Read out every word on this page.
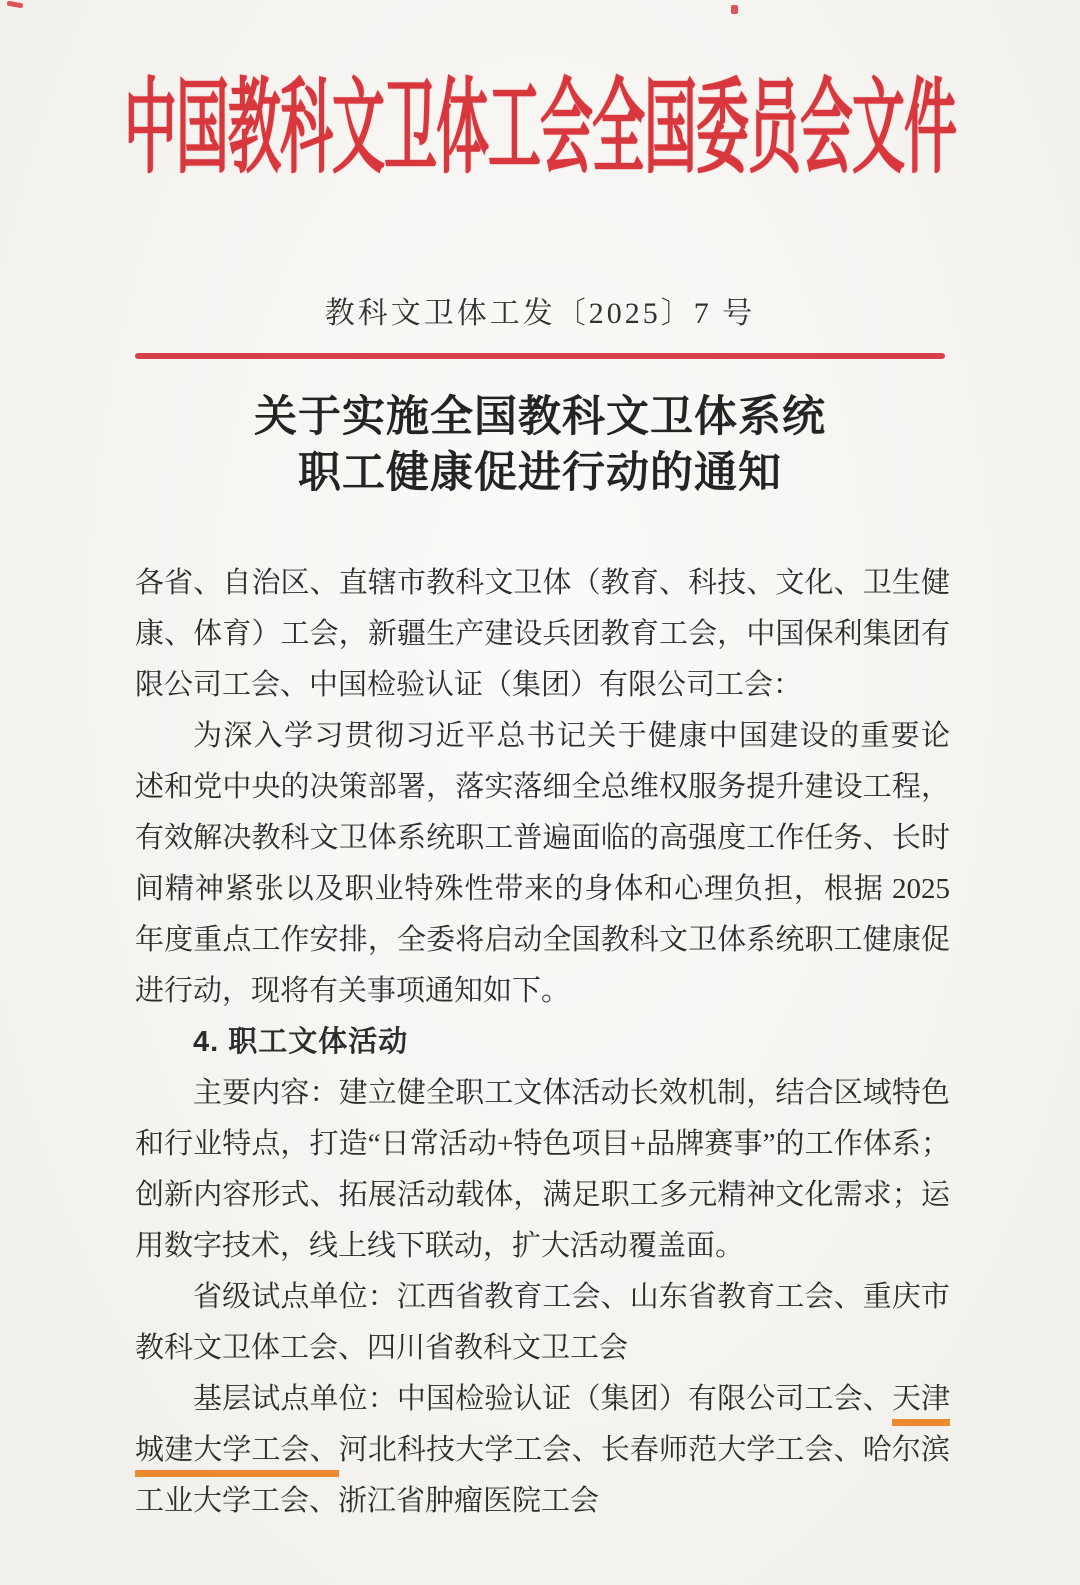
中国教科文卫体工会全国委员会文件
教科文卫体工发〔2025〕7 号
关于实施全国教科文卫体系统
职工健康促进行动的通知
各省、自治区、直辖市教科文卫体（教育、科技、文化、卫生健
康、体育）工会，新疆生产建设兵团教育工会，中国保利集团有
限公司工会、中国检验认证（集团）有限公司工会：
为深入学习贯彻习近平总书记关于健康中国建设的重要论
述和党中央的决策部署，落实落细全总维权服务提升建设工程，
有效解决教科文卫体系统职工普遍面临的高强度工作任务、长时
间精神紧张以及职业特殊性带来的身体和心理负担，根据 2025
年度重点工作安排，全委将启动全国教科文卫体系统职工健康促
进行动，现将有关事项通知如下。
4. 职工文体活动
主要内容：建立健全职工文体活动长效机制，结合区域特色
和行业特点，打造“日常活动+特色项目+品牌赛事”的工作体系；
创新内容形式、拓展活动载体，满足职工多元精神文化需求；运
用数字技术，线上线下联动，扩大活动覆盖面。
省级试点单位：江西省教育工会、山东省教育工会、重庆市
教科文卫体工会、四川省教科文卫工会
基层试点单位：中国检验认证（集团）有限公司工会、天津
城建大学工会、河北科技大学工会、长春师范大学工会、哈尔滨
工业大学工会、浙江省肿瘤医院工会
